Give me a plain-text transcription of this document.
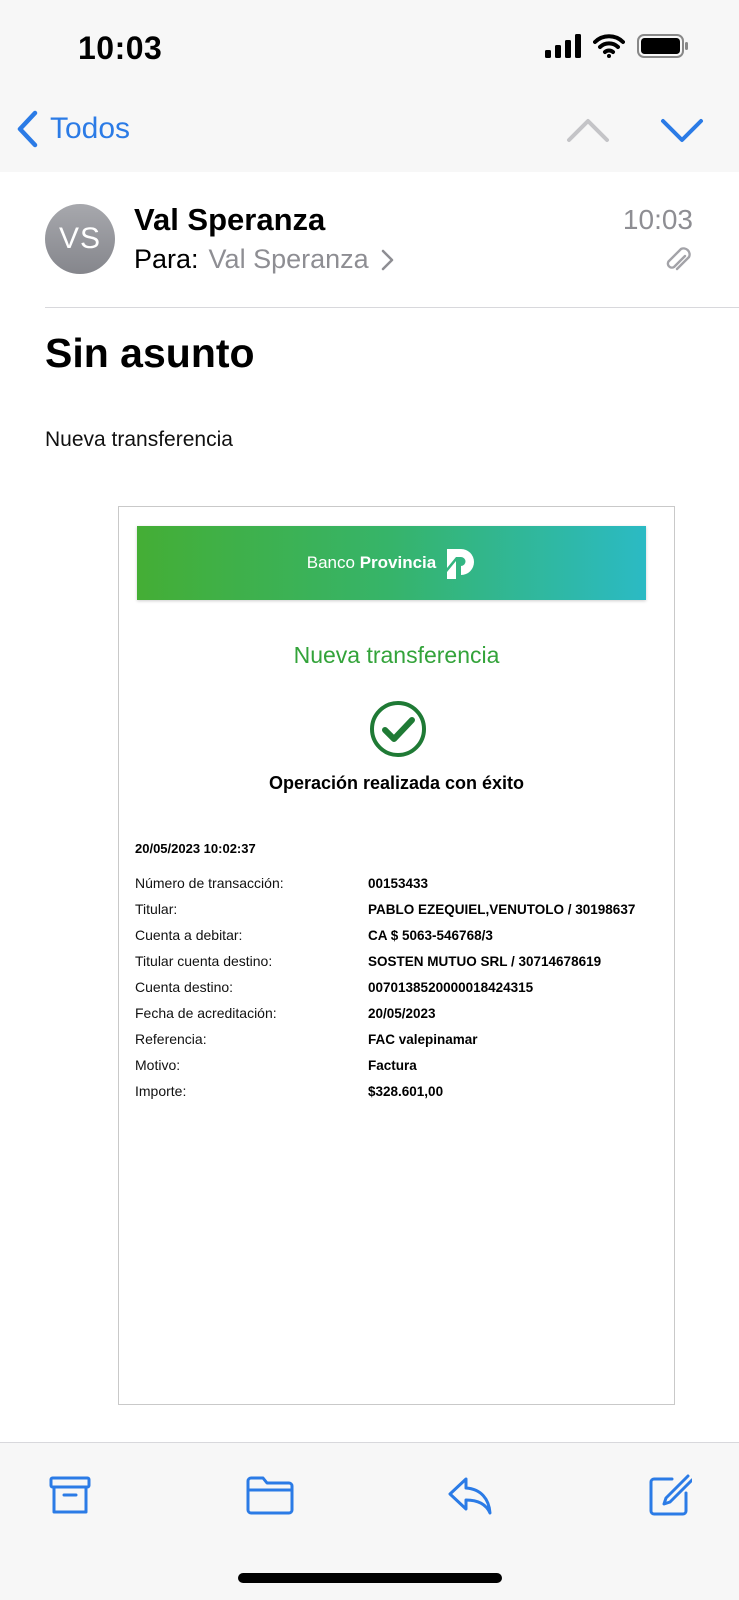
10:03
Todos
VS
Val Speranza
Para: Val Speranza
10:03
Sin asunto
Nueva transferencia
Banco Provincia
Nueva transferencia
Operación realizada con éxito
20/05/2023 10:02:37
Número de transacción:	00153433
Titular:	PABLO EZEQUIEL,VENUTOLO / 30198637
Cuenta a debitar:	CA $ 5063-546768/3
Titular cuenta destino:	SOSTEN MUTUO SRL / 30714678619
Cuenta destino:	0070138520000018424315
Fecha de acreditación:	20/05/2023
Referencia:	FAC valepinamar
Motivo:	Factura
Importe:	$328.601,00
